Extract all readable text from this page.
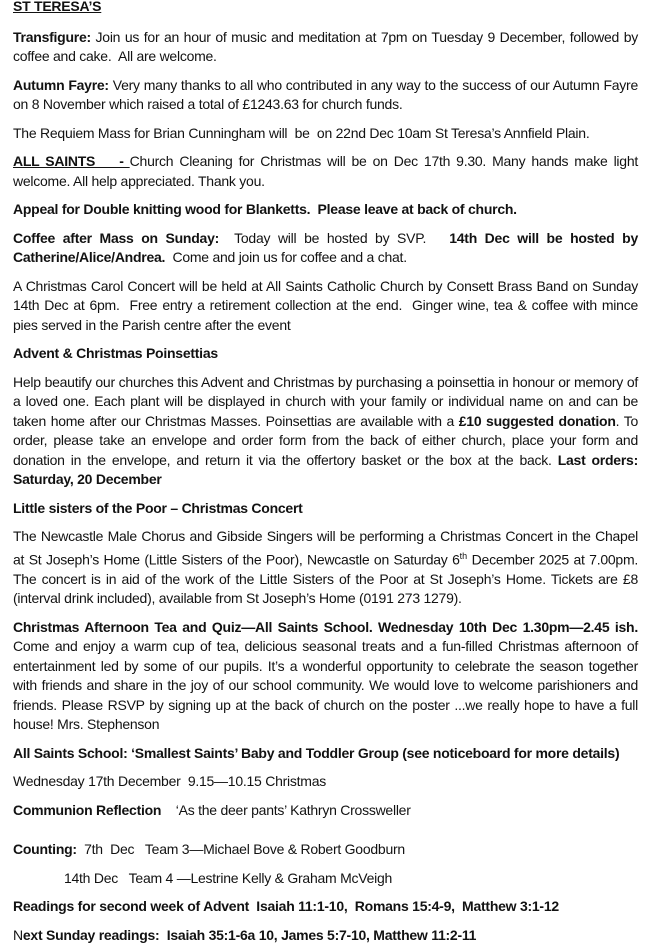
ST TERESA’S

Transfigure: Join us for an hour of music and meditation at 7pm on Tuesday 9 December, followed by coffee and cake.  All are welcome.

Autumn Fayre: Very many thanks to all who contributed in any way to the success of our Autumn Fayre on 8 November which raised a total of £1243.63 for church funds.

The Requiem Mass for Brian Cunningham will  be  on 22nd Dec 10am St Teresa’s Annfield Plain.

ALL SAINTS    - Church Cleaning for Christmas will be on Dec 17th 9.30. Many hands make light welcome. All help appreciated. Thank you.

Appeal for Double knitting wood for Blanketts.  Please leave at back of church.

Coffee after Mass on Sunday:  Today will be hosted by SVP.   14th Dec will be hosted by Catherine/Alice/Andrea.  Come and join us for coffee and a chat.

A Christmas Carol Concert will be held at All Saints Catholic Church by Consett Brass Band on Sunday 14th Dec at 6pm.  Free entry a retirement collection at the end.  Ginger wine, tea & coffee with mince pies served in the Parish centre after the event

Advent & Christmas Poinsettias

Help beautify our churches this Advent and Christmas by purchasing a poinsettia in honour or memory of a loved one. Each plant will be displayed in church with your family or individual name on and can be taken home after our Christmas Masses. Poinsettias are available with a £10 suggested donation. To order, please take an envelope and order form from the back of either church, place your form and donation in the envelope, and return it via the offertory basket or the box at the back. Last orders: Saturday, 20 December

Little sisters of the Poor – Christmas Concert

The Newcastle Male Chorus and Gibside Singers will be performing a Christmas Concert in the Chapel at St Joseph’s Home (Little Sisters of the Poor), Newcastle on Saturday 6th December 2025 at 7.00pm.  The concert is in aid of the work of the Little Sisters of the Poor at St Joseph’s Home. Tickets are £8 (interval drink included), available from St Joseph’s Home (0191 273 1279).

Christmas Afternoon Tea and Quiz—All Saints School. Wednesday 10th Dec 1.30pm—2.45 ish.  Come and enjoy a warm cup of tea, delicious seasonal treats and a fun-filled Christmas afternoon of entertainment led by some of our pupils. It’s a wonderful opportunity to celebrate the season together with friends and share in the joy of our school community. We would love to welcome parishioners and friends. Please RSVP by signing up at the back of church on the poster ...we really hope to have a full house! Mrs. Stephenson

All Saints School: ‘Smallest Saints’ Baby and Toddler Group (see noticeboard for more details)

Wednesday 17th December  9.15—10.15 Christmas

Communion Reflection    ‘As the deer pants’ Kathryn Crossweller

Counting:  7th  Dec   Team 3—Michael Bove & Robert Goodburn

14th Dec   Team 4 —Lestrine Kelly & Graham McVeigh

Readings for second week of Advent  Isaiah 11:1-10,  Romans 15:4-9,  Matthew 3:1-12

Next Sunday readings:  Isaiah 35:1-6a 10, James 5:7-10, Matthew 11:2-11
